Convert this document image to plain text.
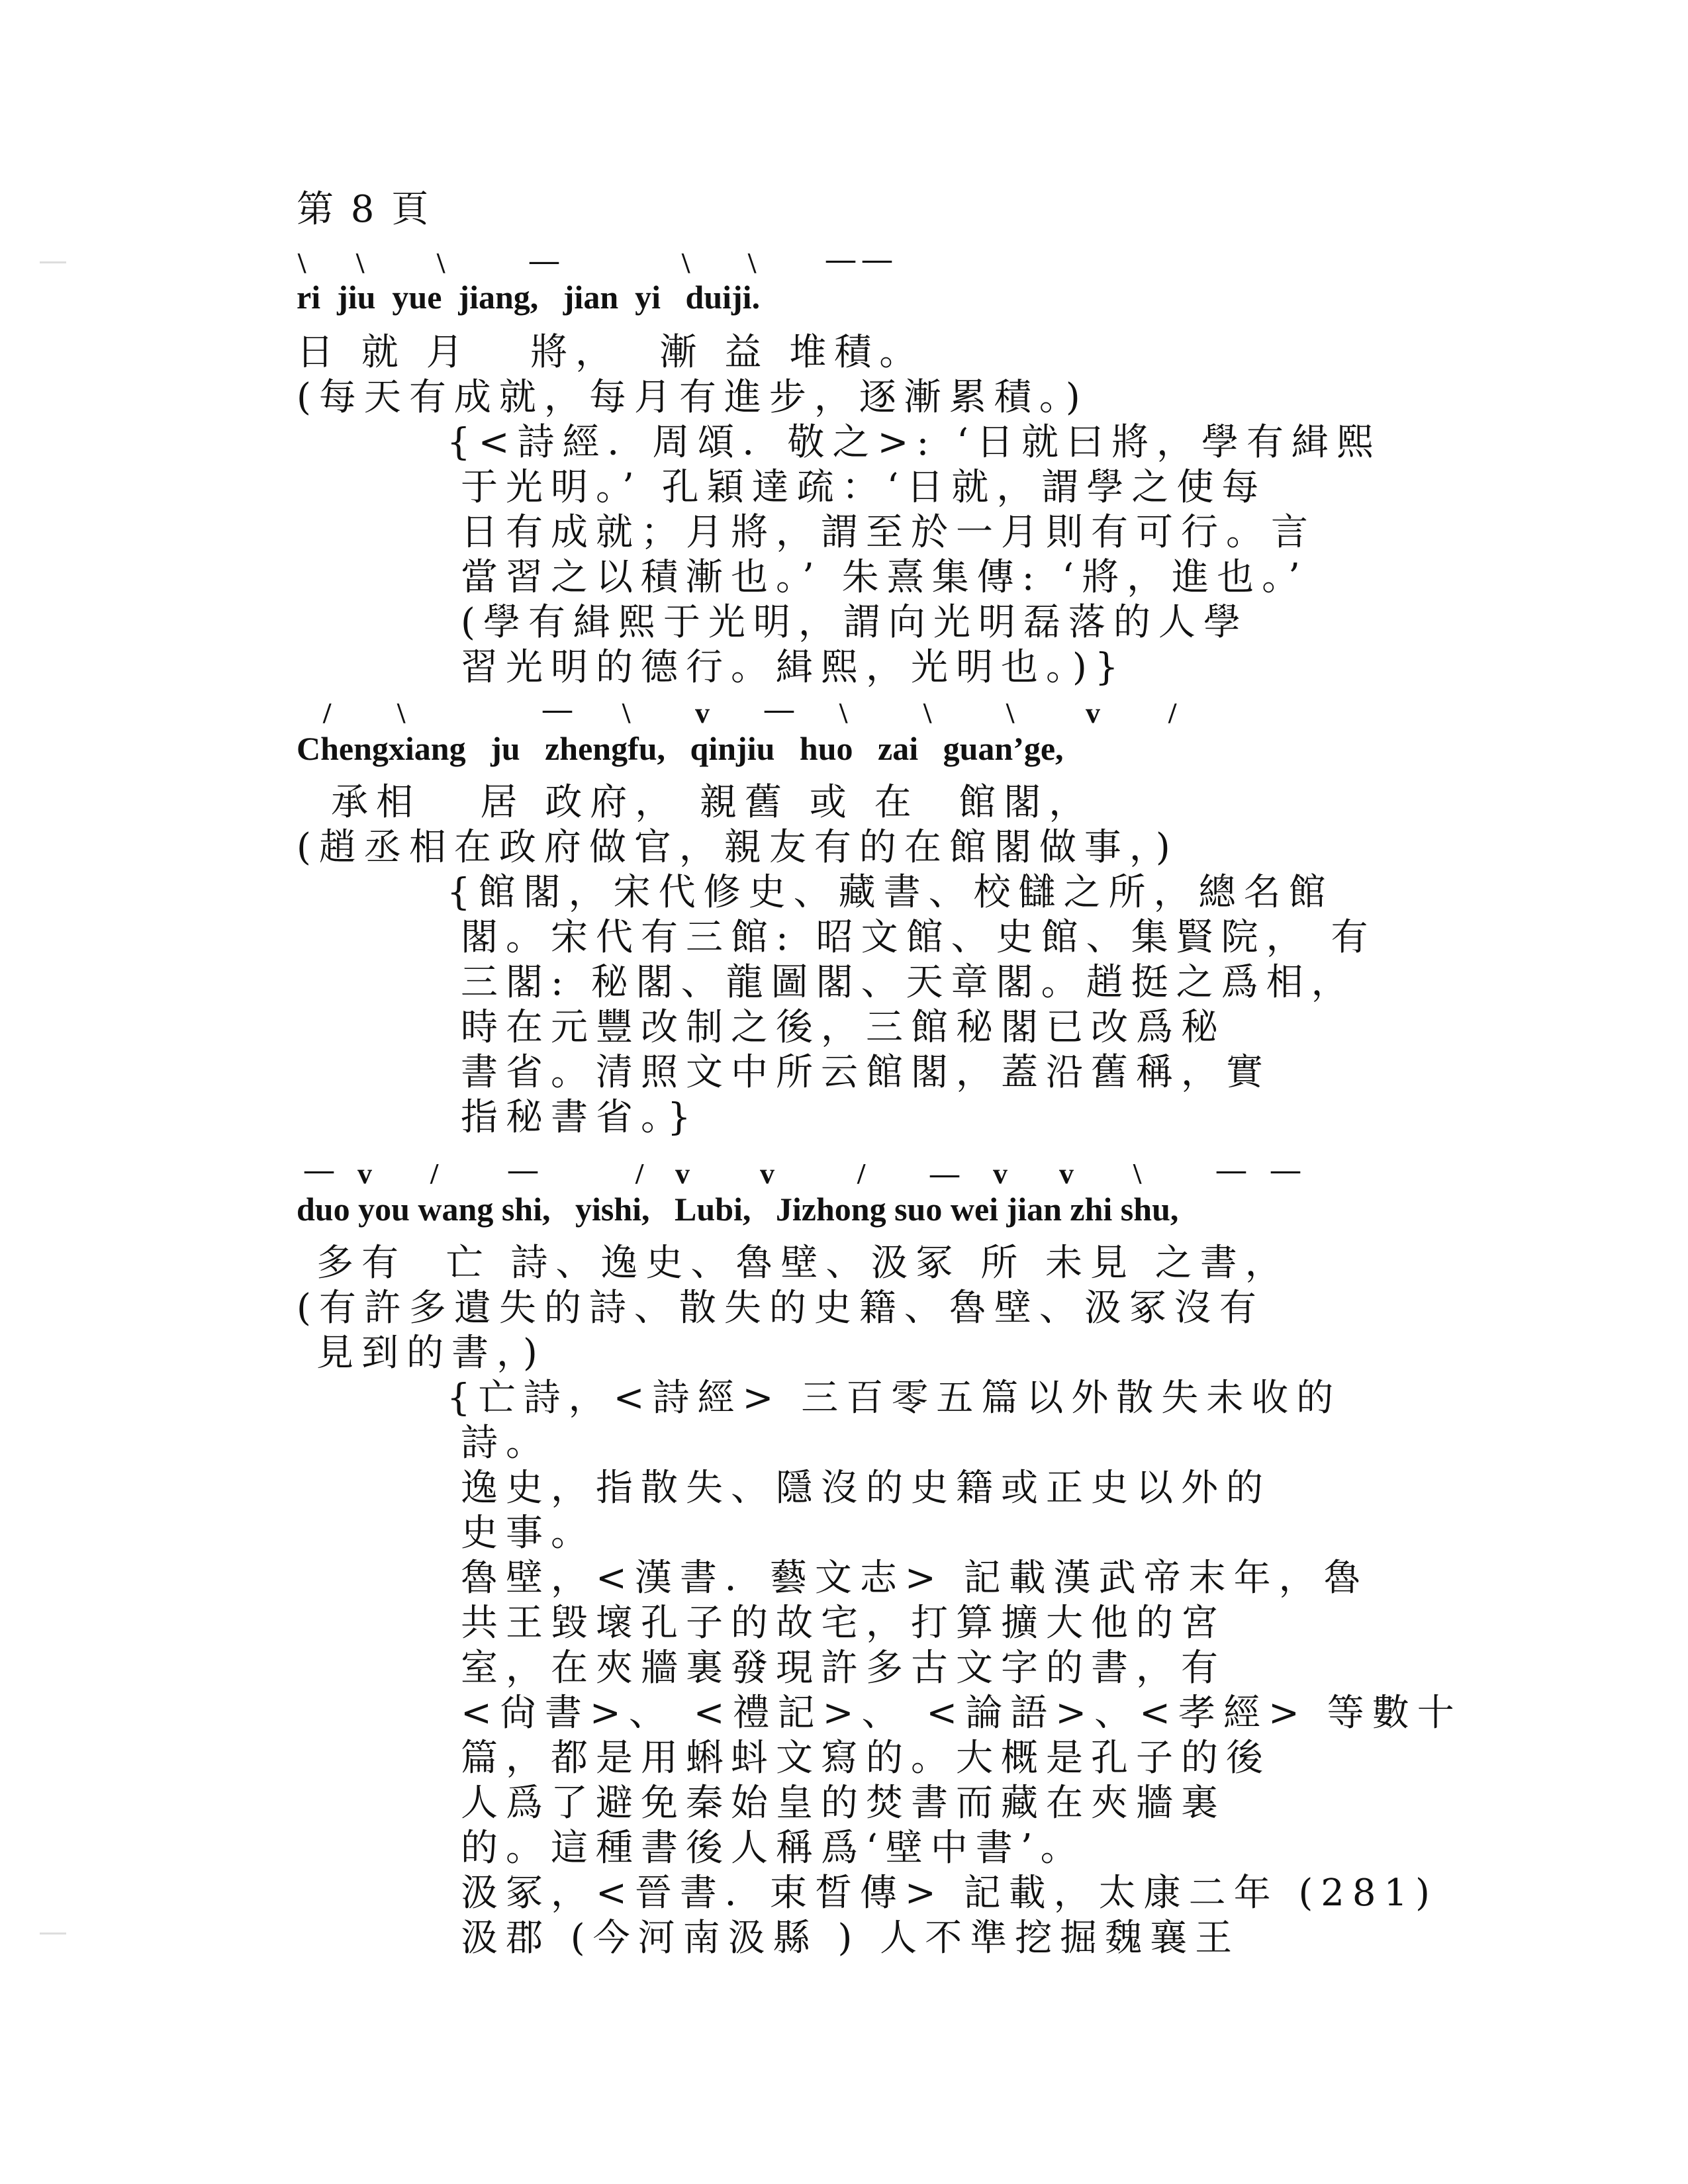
第 8 頁
\ \ \	—	\ \ — —
ri  jiu  yue  jiang,   jian  yi   duiji.
日 就 月   將，  漸 益 堆積。
(每天有成就，每月有進步，逐漸累積。)
{<詩經．周頌．敬之>: ‘日就曰將，學有緝熙
于光明。’ 孔穎達疏：‘日就，謂學之使每
日有成就；月將，謂至於一月則有可行。言
當習之以積漸也。’ 朱熹集傳: ‘將，進也。’
(學有緝熙于光明，謂向光明磊落的人學
習光明的德行。緝熙，光明也。)}
/ \	— \ v — \	\	\ v /
Chengxiang   ju   zhengfu,   qinjiu   huo   zai   guan’ge,
承相   居 政府， 親舊 或 在  館閣，
(趙丞相在政府做官，親友有的在館閣做事，)
{館閣，宋代修史、藏書、校讎之所，總名館
閣。宋代有三館: 昭文館、史館、集賢院， 有
三閣: 秘閣、龍圖閣、天章閣。趙挺之爲相，
時在元豐改制之後，三館秘閣已改爲秘
書省。清照文中所云館閣，蓋沿舊稱，實
指秘書省。}
— v / —	/ v v	/ — v v \	— —
duo you wang shi,   yishi,   Lubi,   Jizhong suo wei jian zhi shu,
多有  亡 詩、逸史、魯壁、汲冢 所 未見 之書，
(有許多遺失的詩、散失的史籍、魯壁、汲冢沒有
見到的書，)
{亡詩，<詩經> 三百零五篇以外散失未收的
詩。
逸史，指散失、隱沒的史籍或正史以外的
史事。
魯壁，<漢書．藝文志> 記載漢武帝末年，魯
共王毀壞孔子的故宅，打算擴大他的宮
室，在夾牆裏發現許多古文字的書，有
<尙書>、 <禮記>、 <論語>、<孝經> 等數十
篇，都是用蝌蚪文寫的。大概是孔子的後
人爲了避免秦始皇的焚書而藏在夾牆裏
的。這種書後人稱爲‘壁中書’。
汲冢，<晉書．束晳傳> 記載，太康二年 (281)
汲郡 (今河南汲縣 ) 人不準挖掘魏襄王
